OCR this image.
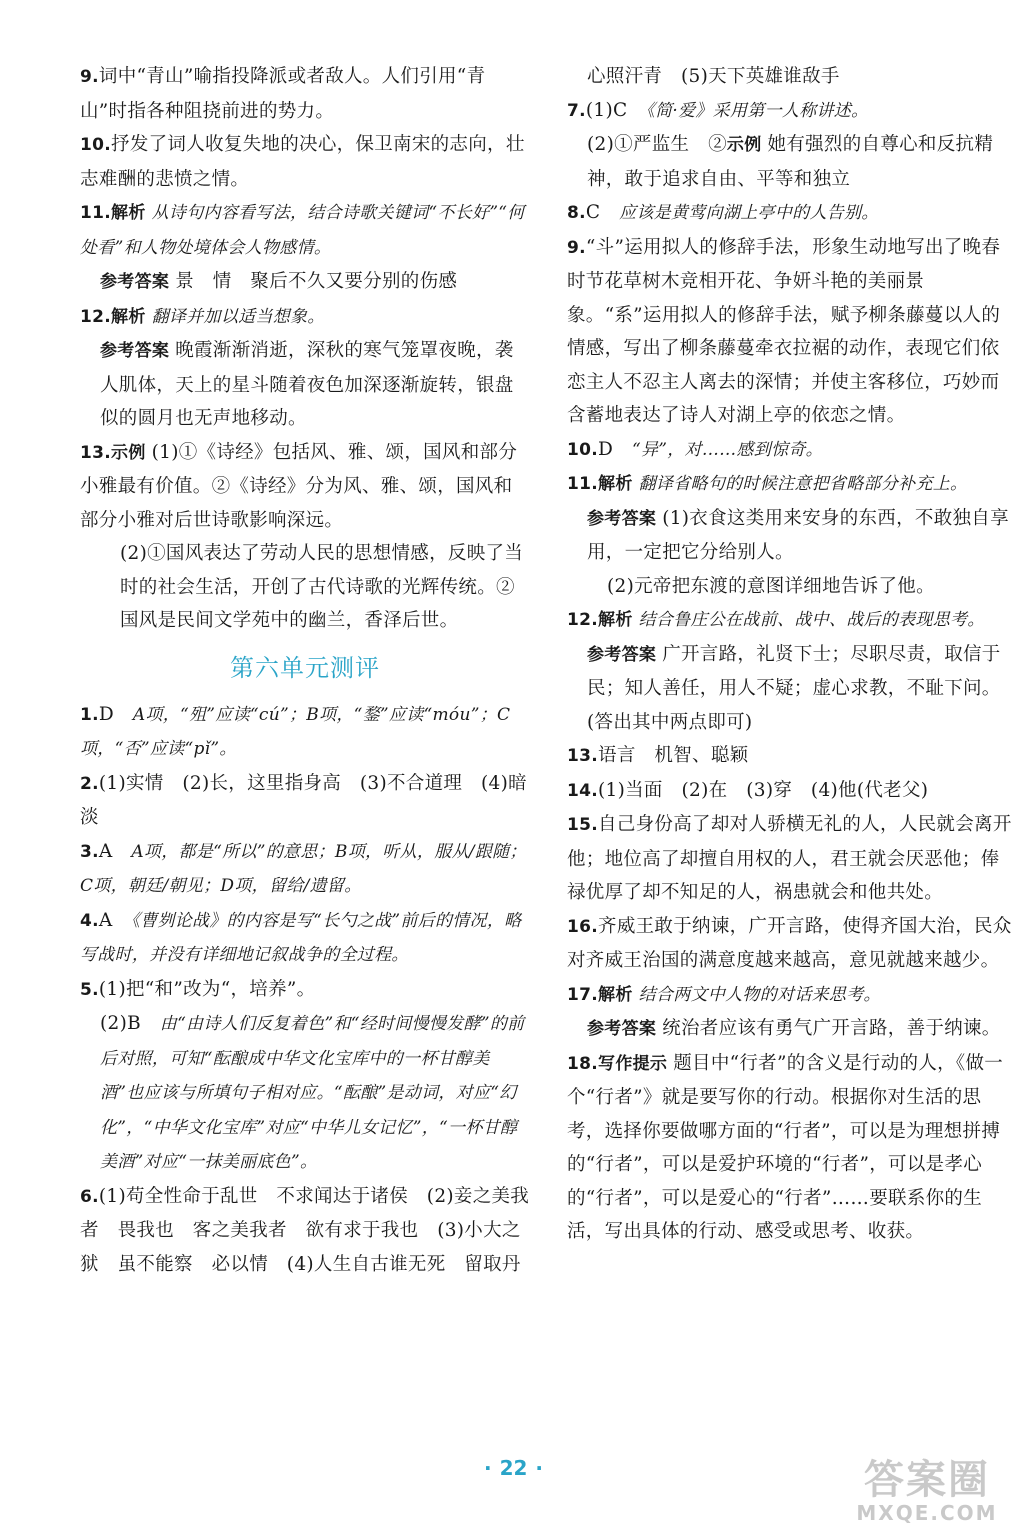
9.词中“青山”喻指投降派或者敌人。人们引用“青山”时指各种阻挠前进的势力。

10.抒发了词人收复失地的决心，保卫南宋的志向，壮志难酬的悲愤之情。

11.解析 从诗句内容看写法，结合诗歌关键词“不长好”“何处看”和人物处境体会人物感情。

参考答案 景　情　聚后不久又要分别的伤感

12.解析 翻译并加以适当想象。

参考答案 晚霞渐渐消逝，深秋的寒气笼罩夜晚，袭人肌体，天上的星斗随着夜色加深逐渐旋转，银盘似的圆月也无声地移动。

13.示例 (1)①《诗经》包括风、雅、颂，国风和部分小雅最有价值。②《诗经》分为风、雅、颂，国风和部分小雅对后世诗歌影响深远。

(2)①国风表达了劳动人民的思想情感，反映了当时的社会生活，开创了古代诗歌的光辉传统。②国风是民间文学苑中的幽兰，香泽后世。

第六单元测评

1.D　A项，“殂”应读“cú”；B项，“鍪”应读“móu”；C项，“否”应读“pǐ”。

2.(1)实情　(2)长，这里指身高　(3)不合道理　(4)暗淡

3.A　A项，都是“所以”的意思；B项，听从，服从/跟随；C项，朝廷/朝见；D项，留给/遗留。

4.A　《曹刿论战》的内容是写“长勺之战”前后的情况，略写战时，并没有详细地记叙战争的全过程。

5.(1)把“和”改为“，培养”。

(2)B　由“由诗人们反复着色”和“经时间慢慢发酵”的前后对照，可知“酝酿成中华文化宝库中的一杯甘醇美酒”也应该与所填句子相对应。“酝酿”是动词，对应“幻化”，“中华文化宝库”对应“中华儿女记忆”，“一杯甘醇美酒”对应“一抹美丽底色”。

6.(1)苟全性命于乱世　不求闻达于诸侯　(2)妾之美我者　畏我也　客之美我者　欲有求于我也　(3)小大之狱　虽不能察　必以情　(4)人生自古谁无死　留取丹

心照汗青　(5)天下英雄谁敌手

7.(1)C　《简·爱》采用第一人称讲述。

(2)①严监生　②示例 她有强烈的自尊心和反抗精神，敢于追求自由、平等和独立

8.C　应该是黄莺向湖上亭中的人告别。

9.“斗”运用拟人的修辞手法，形象生动地写出了晚春时节花草树木竞相开花、争妍斗艳的美丽景象。“系”运用拟人的修辞手法，赋予柳条藤蔓以人的情感，写出了柳条藤蔓牵衣拉裾的动作，表现它们依恋主人不忍主人离去的深情；并使主客移位，巧妙而含蓄地表达了诗人对湖上亭的依恋之情。

10.D　“异”，对……感到惊奇。

11.解析 翻译省略句的时候注意把省略部分补充上。

参考答案 (1)衣食这类用来安身的东西，不敢独自享用，一定把它分给别人。

(2)元帝把东渡的意图详细地告诉了他。

12.解析 结合鲁庄公在战前、战中、战后的表现思考。

参考答案 广开言路，礼贤下士；尽职尽责，取信于民；知人善任，用人不疑；虚心求教，不耻下问。(答出其中两点即可)

13.语言　机智、聪颖

14.(1)当面　(2)在　(3)穿　(4)他(代老父)

15.自己身份高了却对人骄横无礼的人，人民就会离开他；地位高了却擅自用权的人，君王就会厌恶他；俸禄优厚了却不知足的人，祸患就会和他共处。

16.齐威王敢于纳谏，广开言路，使得齐国大治，民众对齐威王治国的满意度越来越高，意见就越来越少。

17.解析 结合两文中人物的对话来思考。

参考答案 统治者应该有勇气广开言路，善于纳谏。

18.写作提示 题目中“行者”的含义是行动的人，《做一个“行者”》就是要写你的行动。根据你对生活的思考，选择你要做哪方面的“行者”，可以是为理想拼搏的“行者”，可以是爱护环境的“行者”，可以是孝心的“行者”，可以是爱心的“行者”……要联系你的生活，写出具体的行动、感受或思考、收获。

· 22 ·	答案圈
MXQE.COM
